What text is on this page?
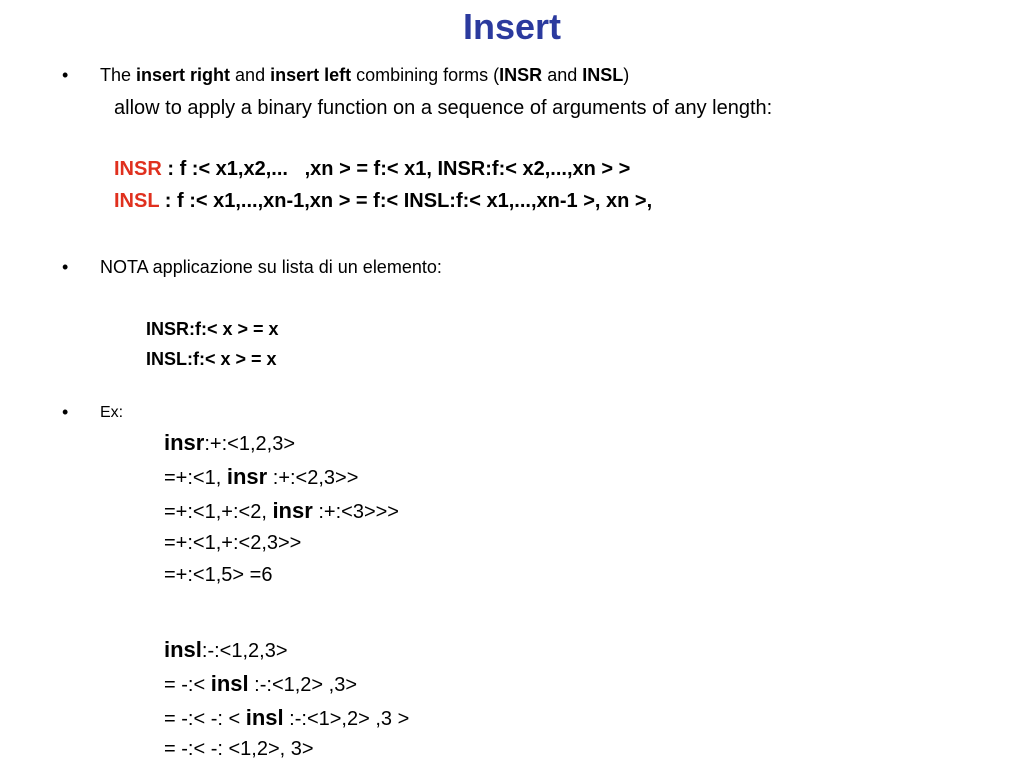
Insert
• The insert right and insert left combining forms (INSR and INSL)
allow to apply a binary function on a sequence of arguments of any length:
INSR : f :< x1,x2,...   ,xn > = f:< x1, INSR:f:< x2,...,xn > >
INSL : f :< x1,...,xn-1,xn > = f:< INSL:f:< x1,...,xn-1 >, xn >,
• NOTA applicazione su lista di un elemento:
INSR:f:< x > = x
INSL:f:< x > = x
• Ex:
insr:+:<1,2,3>
=+:<1, insr :+:<2,3>>
=+:<1,+:<2, insr :+:<3>>>
=+:<1,+:<2,3>>
=+:<1,5> =6
insl:-:<1,2,3>
= -:< insl :-:<1,2> ,3>
= -:< -: < insl :-:<1>,2> ,3 >
= -:< -: <1,2>, 3>
